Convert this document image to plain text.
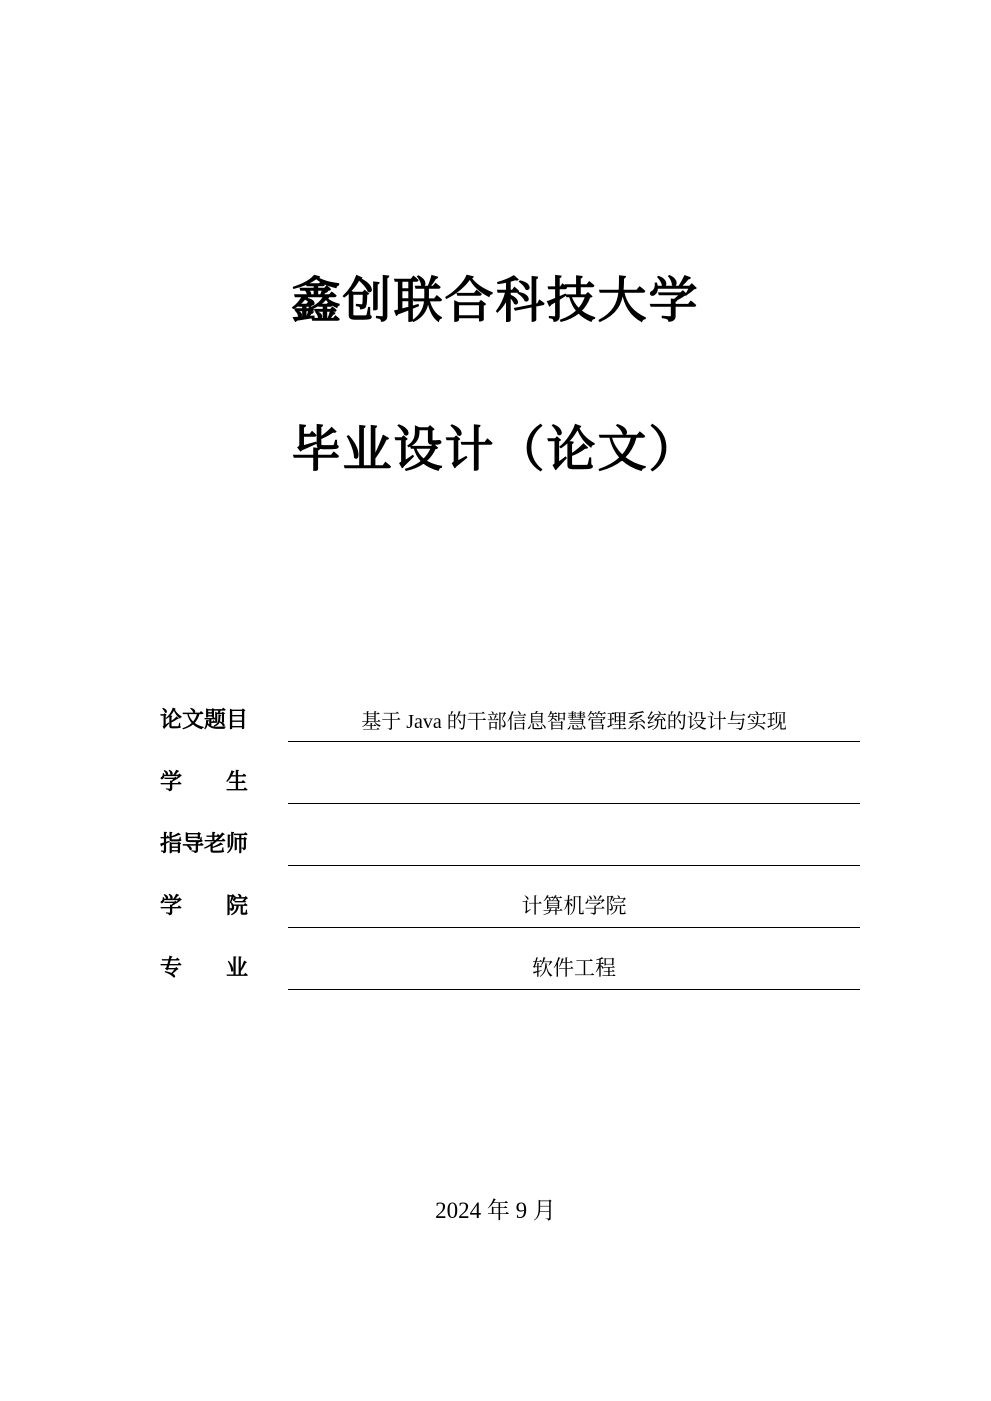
鑫创联合科技大学
毕业设计（论文）
论文题目	基于 Java 的干部信息智慧管理系统的设计与实现
学　　生
指导老师
学　　院	计算机学院
专　　业	软件工程
2024 年 9 月
